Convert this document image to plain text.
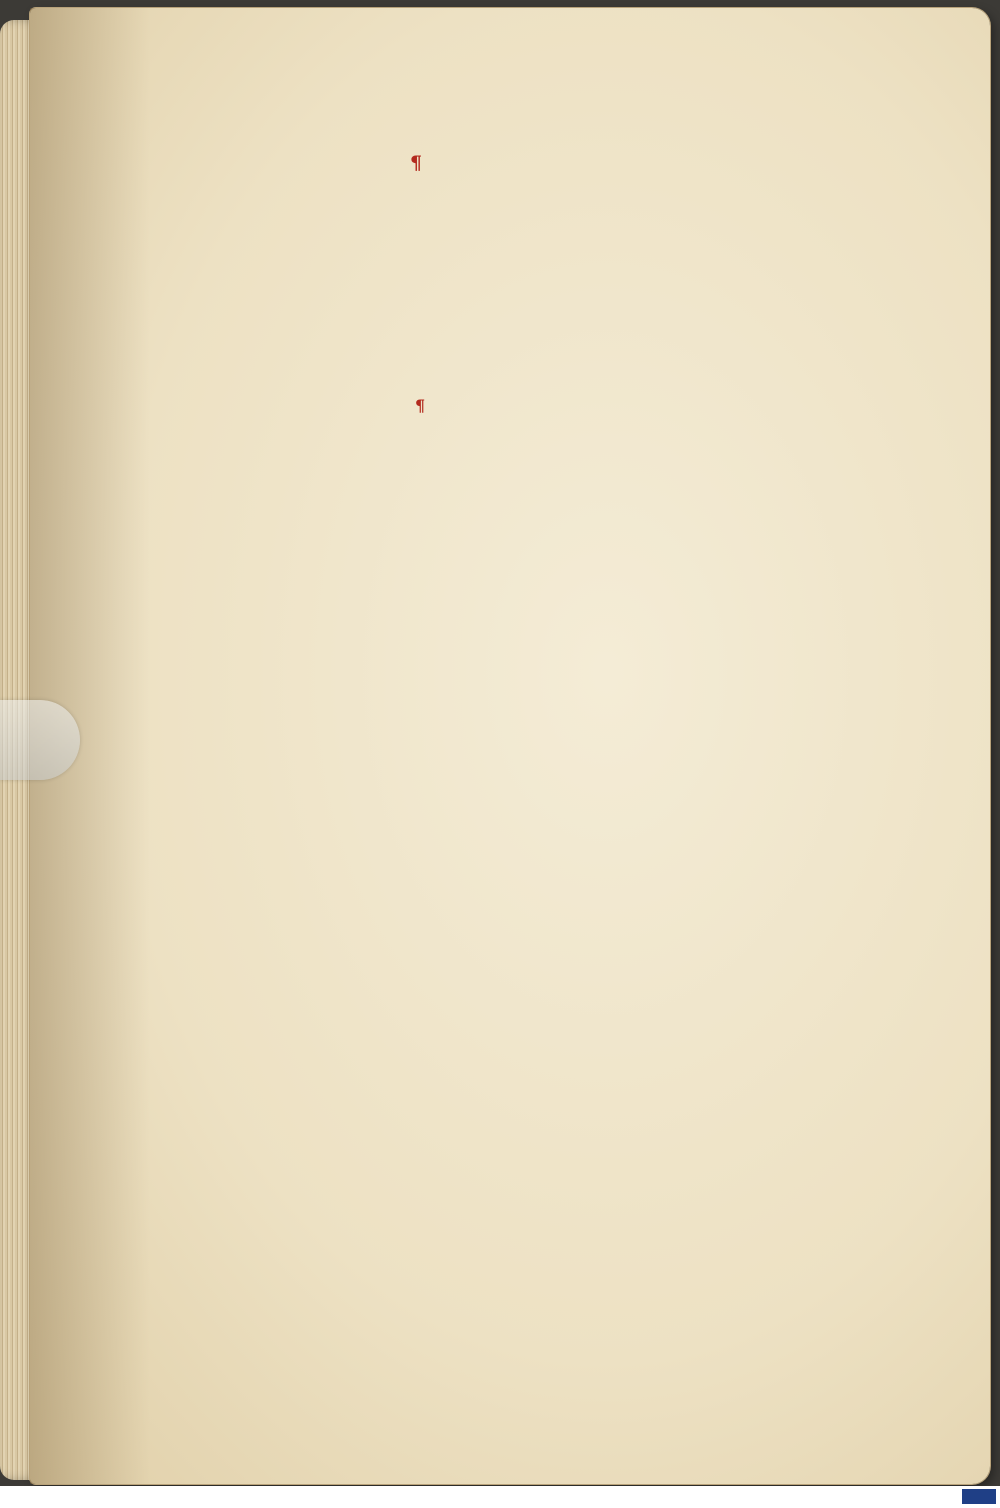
¶
¶
